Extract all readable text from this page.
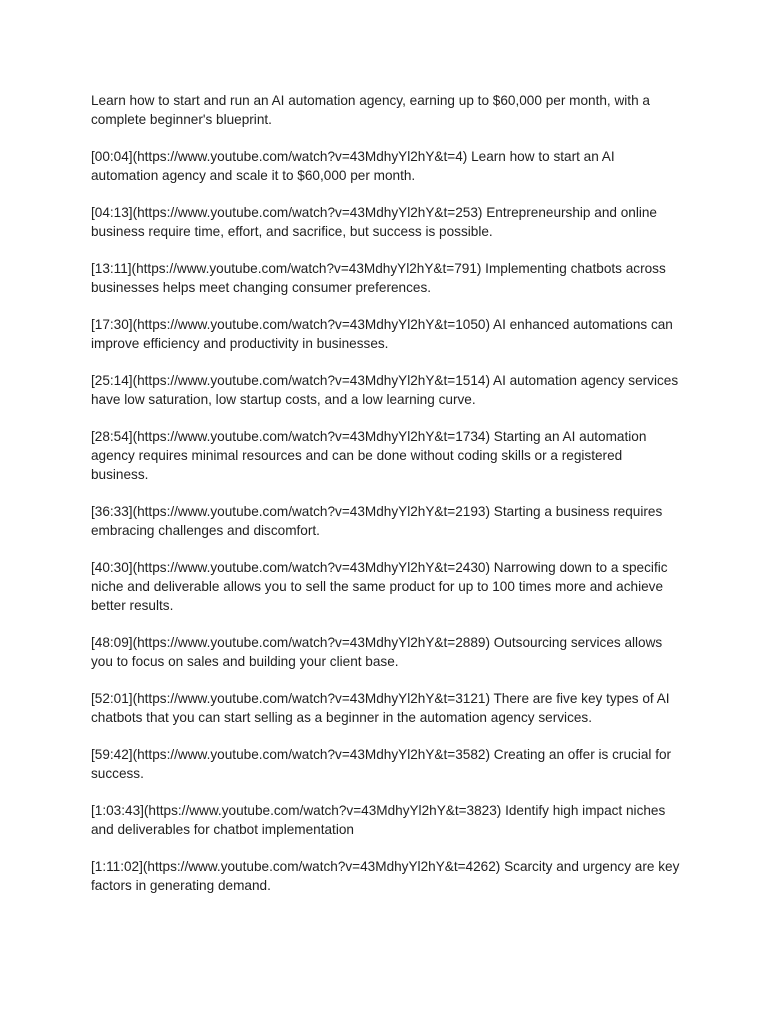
Learn how to start and run an AI automation agency, earning up to $60,000 per month, with a complete beginner's blueprint.

[00:04](https://www.youtube.com/watch?v=43MdhyYl2hY&t=4) Learn how to start an AI automation agency and scale it to $60,000 per month.

[04:13](https://www.youtube.com/watch?v=43MdhyYl2hY&t=253) Entrepreneurship and online business require time, effort, and sacrifice, but success is possible.

[13:11](https://www.youtube.com/watch?v=43MdhyYl2hY&t=791) Implementing chatbots across businesses helps meet changing consumer preferences.

[17:30](https://www.youtube.com/watch?v=43MdhyYl2hY&t=1050) AI enhanced automations can improve efficiency and productivity in businesses.

[25:14](https://www.youtube.com/watch?v=43MdhyYl2hY&t=1514) AI automation agency services have low saturation, low startup costs, and a low learning curve.

[28:54](https://www.youtube.com/watch?v=43MdhyYl2hY&t=1734) Starting an AI automation agency requires minimal resources and can be done without coding skills or a registered business.

[36:33](https://www.youtube.com/watch?v=43MdhyYl2hY&t=2193) Starting a business requires embracing challenges and discomfort.

[40:30](https://www.youtube.com/watch?v=43MdhyYl2hY&t=2430) Narrowing down to a specific niche and deliverable allows you to sell the same product for up to 100 times more and achieve better results.

[48:09](https://www.youtube.com/watch?v=43MdhyYl2hY&t=2889) Outsourcing services allows you to focus on sales and building your client base.

[52:01](https://www.youtube.com/watch?v=43MdhyYl2hY&t=3121) There are five key types of AI chatbots that you can start selling as a beginner in the automation agency services.

[59:42](https://www.youtube.com/watch?v=43MdhyYl2hY&t=3582) Creating an offer is crucial for success.

[1:03:43](https://www.youtube.com/watch?v=43MdhyYl2hY&t=3823) Identify high impact niches and deliverables for chatbot implementation

[1:11:02](https://www.youtube.com/watch?v=43MdhyYl2hY&t=4262) Scarcity and urgency are key factors in generating demand.
